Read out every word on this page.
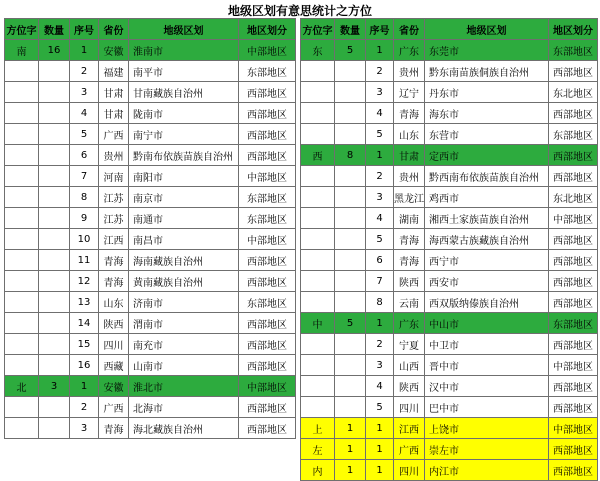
地级区划有意思统计之方位
方位字	数量	序号	省份	地级区划	地区划分
南	16	1	安徽	淮南市	中部地区
		2	福建	南平市	东部地区
		3	甘肃	甘南藏族自治州	西部地区
		4	甘肃	陇南市	西部地区
		5	广西	南宁市	西部地区
		6	贵州	黔南布依族苗族自治州	西部地区
		7	河南	南阳市	中部地区
		8	江苏	南京市	东部地区
		9	江苏	南通市	东部地区
		10	江西	南昌市	中部地区
		11	青海	海南藏族自治州	西部地区
		12	青海	黄南藏族自治州	西部地区
		13	山东	济南市	东部地区
		14	陕西	渭南市	西部地区
		15	四川	南充市	西部地区
		16	西藏	山南市	西部地区
北	3	1	安徽	淮北市	中部地区
		2	广西	北海市	西部地区
		3	青海	海北藏族自治州	西部地区
方位字	数量	序号	省份	地级区划	地区划分
东	5	1	广东	东莞市	东部地区
		2	贵州	黔东南苗族侗族自治州	西部地区
		3	辽宁	丹东市	东北地区
		4	青海	海东市	西部地区
		5	山东	东营市	东部地区
西	8	1	甘肃	定西市	西部地区
		2	贵州	黔西南布依族苗族自治州	西部地区
		3	黑龙江	鸡西市	东北地区
		4	湖南	湘西土家族苗族自治州	中部地区
		5	青海	海西蒙古族藏族自治州	西部地区
		6	青海	西宁市	西部地区
		7	陕西	西安市	西部地区
		8	云南	西双版纳傣族自治州	西部地区
中	5	1	广东	中山市	东部地区
		2	宁夏	中卫市	西部地区
		3	山西	晋中市	中部地区
		4	陕西	汉中市	西部地区
		5	四川	巴中市	西部地区
上	1	1	江西	上饶市	中部地区
左	1	1	广西	崇左市	西部地区
内	1	1	四川	内江市	西部地区
